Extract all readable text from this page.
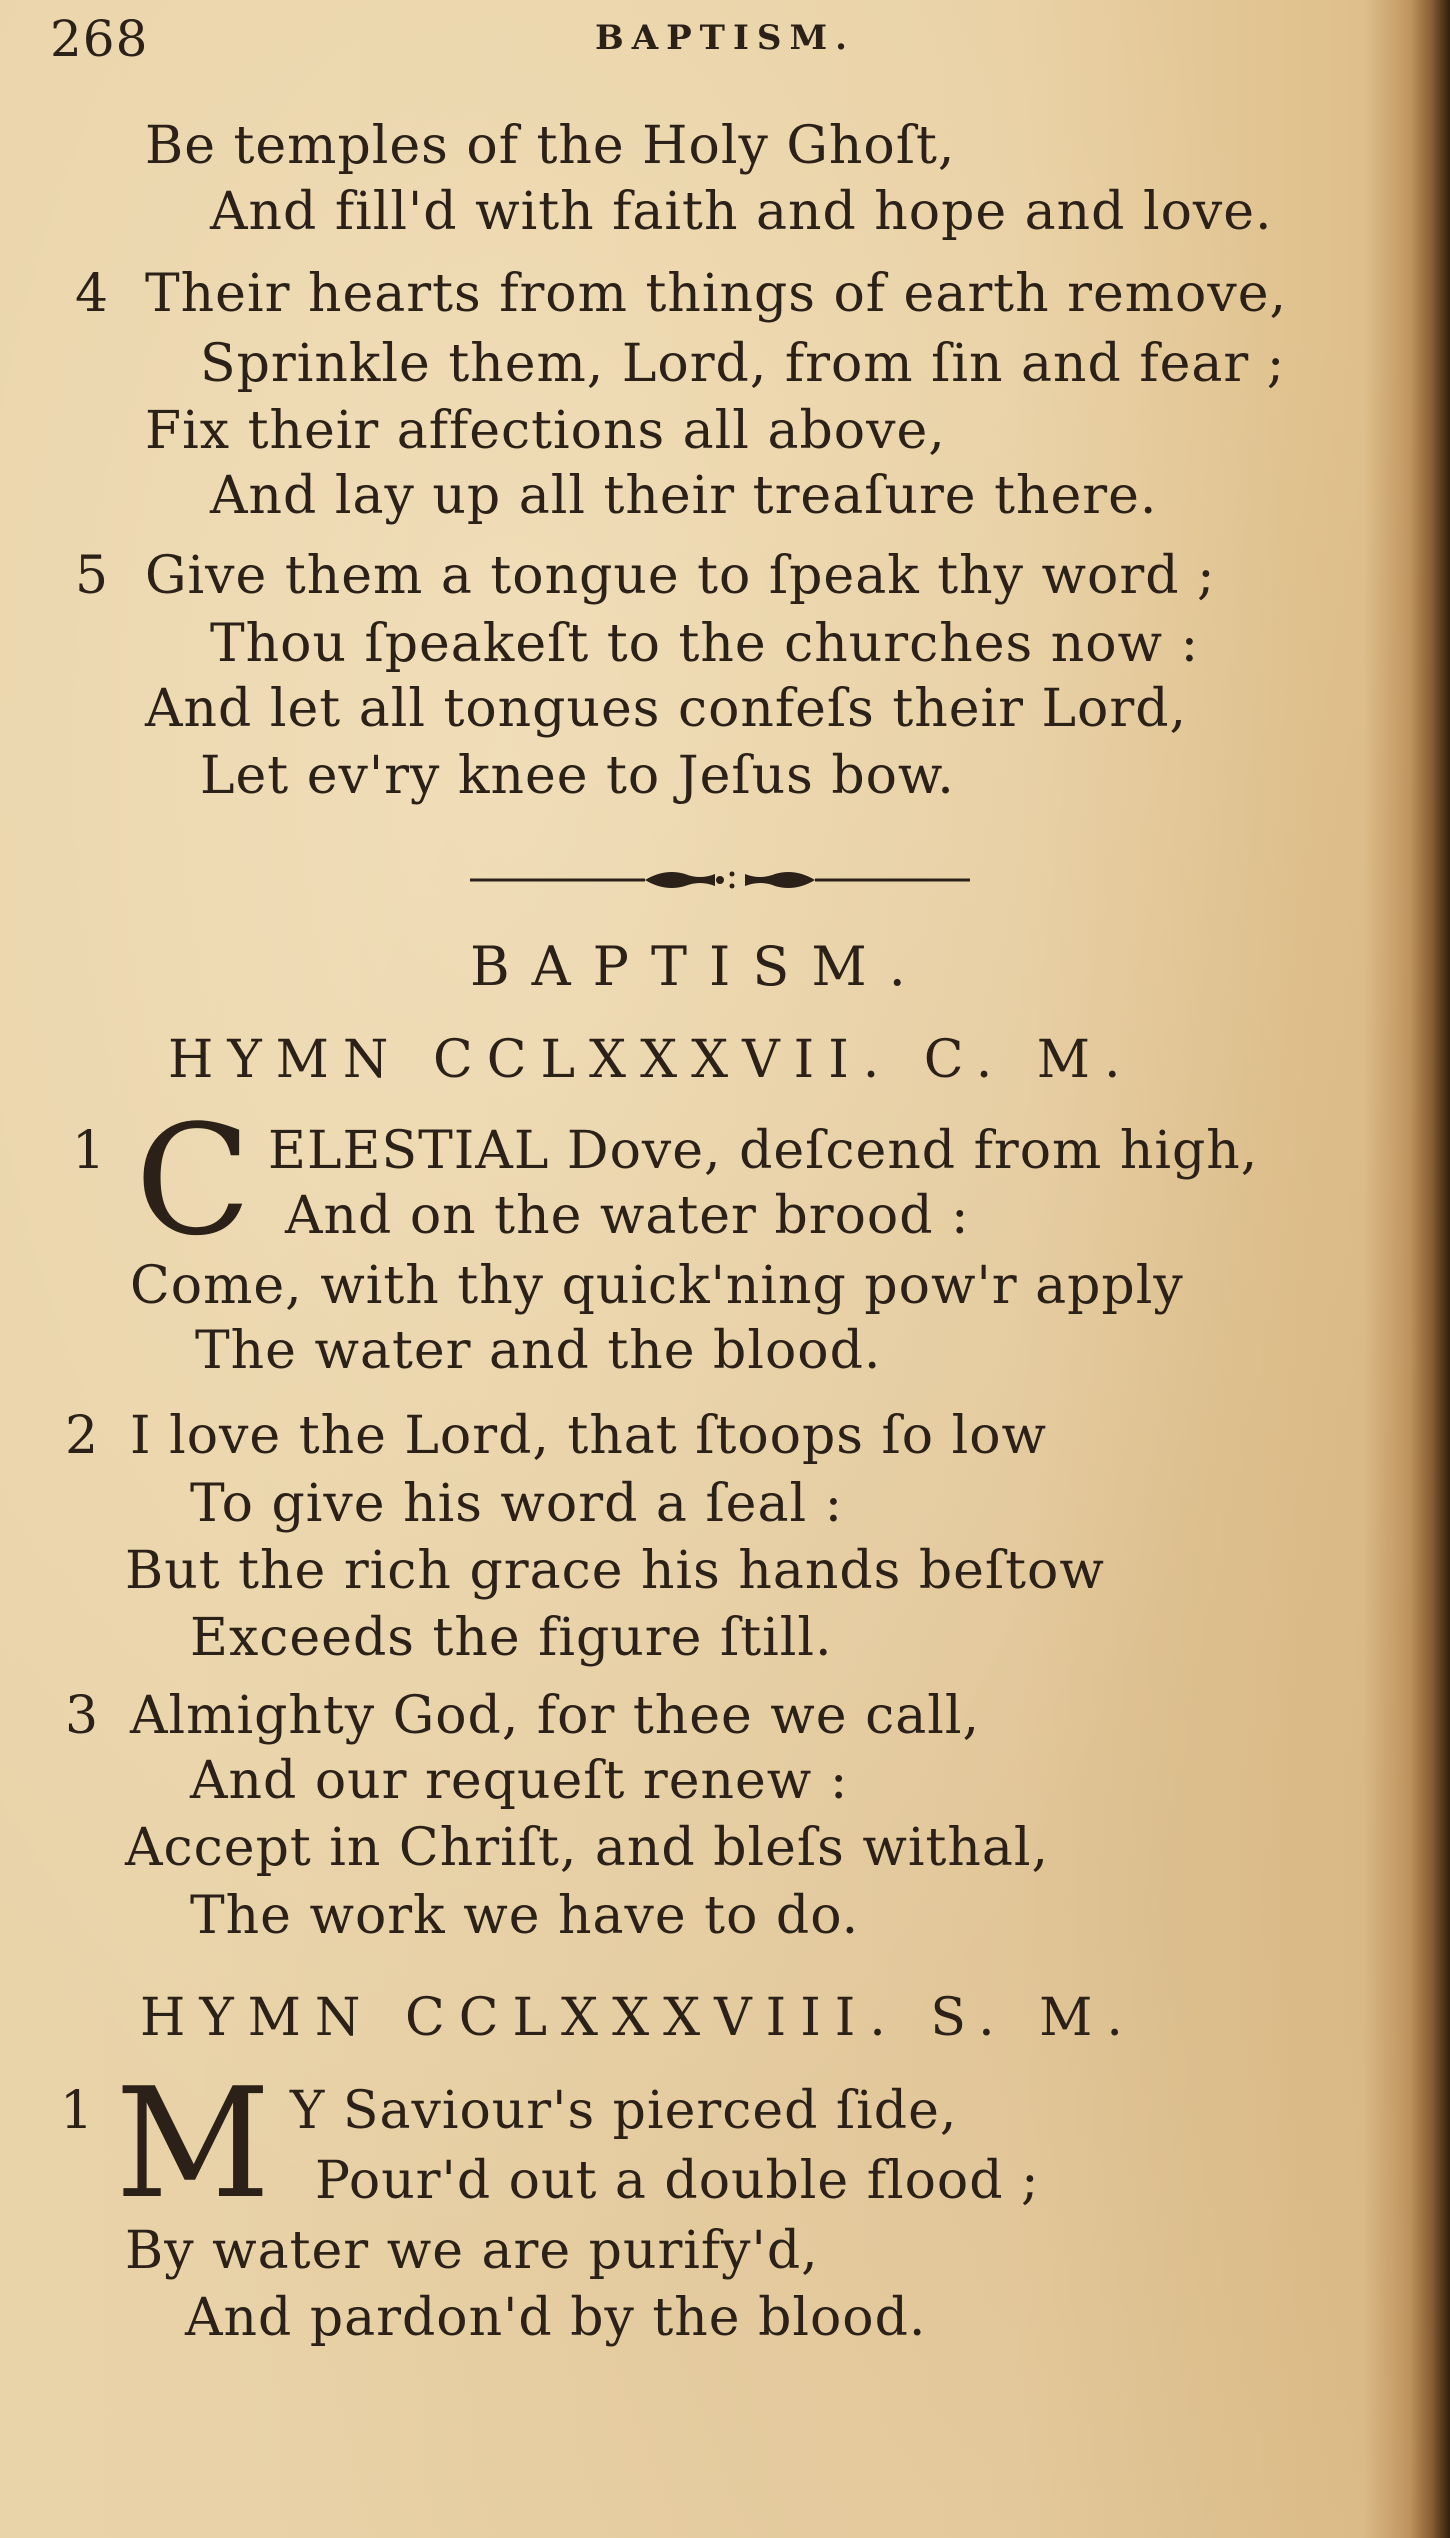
268	BAPTISM.
Be temples of the Holy Ghoſt,
And fill'd with faith and hope and love.
4 Their hearts from things of earth remove,
Sprinkle them, Lord, from ſin and fear ;
Fix their affections all above,
And lay up all their treaſure there.
5 Give them a tongue to ſpeak thy word ;
Thou ſpeakeſt to the churches now :
And let all tongues confeſs their Lord,
Let ev'ry knee to Jeſus bow.
BAPTISM.
HYMN CCLXXXVII. C. M.
1 C ELESTIAL Dove, deſcend from high,
And on the water brood :
Come, with thy quick'ning pow'r apply
The water and the blood.
2 I love the Lord, that ſtoops ſo low
To give his word a ſeal :
But the rich grace his hands beſtow
Exceeds the figure ſtill.
3 Almighty God, for thee we call,
And our requeſt renew :
Accept in Chriſt, and bleſs withal,
The work we have to do.
HYMN CCLXXXVIII. S. M.
1 M Y Saviour's pierced ſide,
Pour'd out a double flood ;
By water we are purify'd,
And pardon'd by the blood.
